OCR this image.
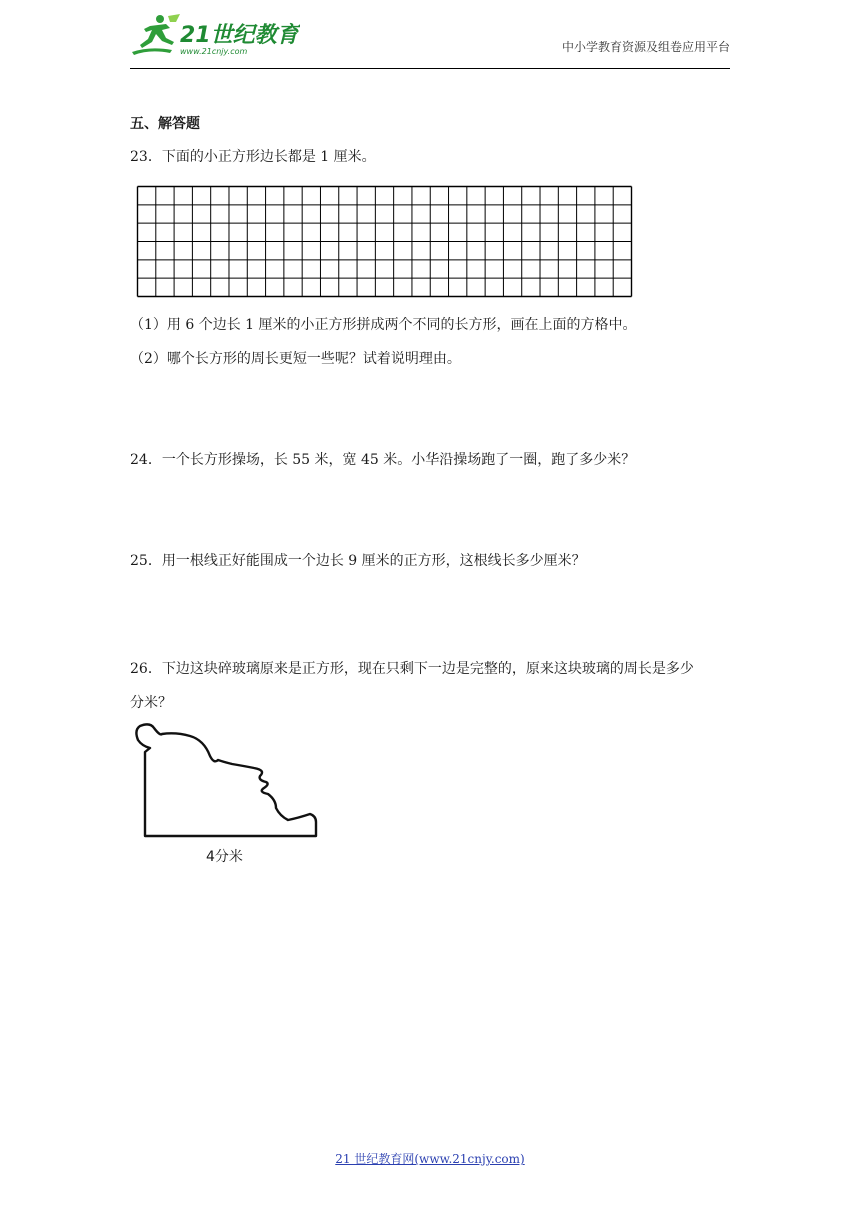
21世纪教育
www.21cnjy.com	中小学教育资源及组卷应用平台
五、解答题
23．下面的小正方形边长都是 1 厘米。
（1）用 6 个边长 1 厘米的小正方形拼成两个不同的长方形，画在上面的方格中。
（2）哪个长方形的周长更短一些呢？试着说明理由。
24．一个长方形操场，长 55 米，宽 45 米。小华沿操场跑了一圈，跑了多少米？
25．用一根线正好能围成一个边长 9 厘米的正方形，这根线长多少厘米？
26．下边这块碎玻璃原来是正方形，现在只剩下一边是完整的，原来这块玻璃的周长是多少
分米？
4分米
21 世纪教育网(www.21cnjy.com)
